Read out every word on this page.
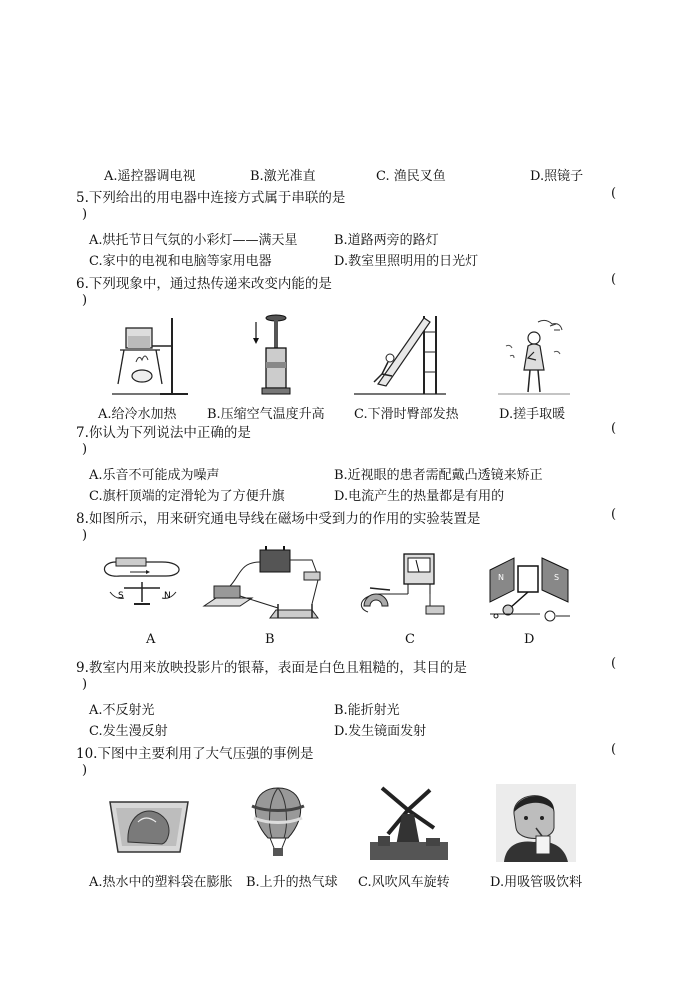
A.遥控器调电视	B.激光准直	C. 渔民叉鱼	D.照镜子
5.下列给出的用电器中连接方式属于串联的是	(
)
A.烘托节日气氛的小彩灯——满天星	B.道路两旁的路灯
C.家中的电视和电脑等家用电器	D.教室里照明用的日光灯
6.下列现象中，通过热传递来改变内能的是	(
)
A.给冷水加热 B.压缩空气温度升高 C.下滑时臀部发热	D.搓手取暖
7.你认为下列说法中正确的是	(
)
A.乐音不可能成为噪声	B.近视眼的患者需配戴凸透镜来矫正
C.旗杆顶端的定滑轮为了方便升旗	D.电流产生的热量都是有用的
8.如图所示，用来研究通电导线在磁场中受到力的作用的实验装置是	(
)
S	N
N	S
A	B	C	D
9.教室内用来放映投影片的银幕，表面是白色且粗糙的，其目的是	(
)
A.不反射光	B.能折射光
C.发生漫反射	D.发生镜面发射
10.下图中主要利用了大气压强的事例是	(
)
A.热水中的塑料袋在膨胀 B.上升的热气球 C.风吹风车旋转	D.用吸管吸饮料
